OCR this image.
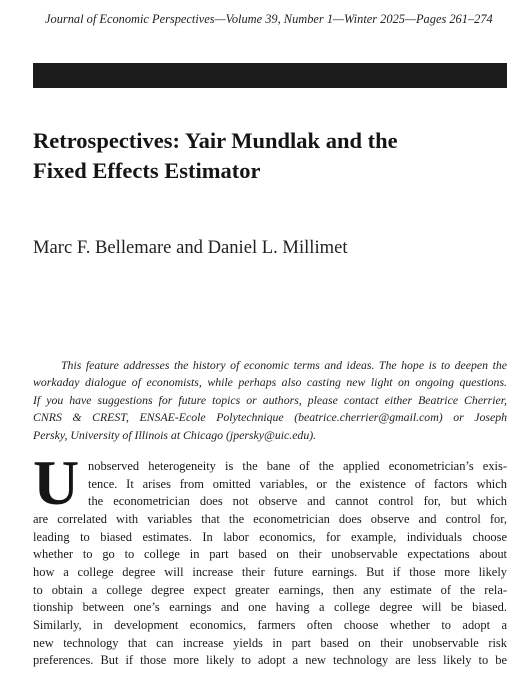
Journal of Economic Perspectives—Volume 39, Number 1—Winter 2025—Pages 261–274
Retrospectives: Yair Mundlak and the
Fixed Effects Estimator
Marc F. Bellemare and Daniel L. Millimet
This feature addresses the history of economic terms and ideas. The hope is to deepen the
workaday dialogue of economists, while perhaps also casting new light on ongoing questions.
If you have suggestions for future topics or authors, please contact either Beatrice Cherrier,
CNRS & CREST, ENSAE-Ecole Polytechnique (beatrice.cherrier@gmail.com) or Joseph
Persky, University of Illinois at Chicago (jpersky@uic.edu).
U nobserved heterogeneity is the bane of the applied econometrician’s exis-
tence. It arises from omitted variables, or the existence of factors which
the econometrician does not observe and cannot control for, but which
are correlated with variables that the econometrician does observe and control for,
leading to biased estimates. In labor economics, for example, individuals choose
whether to go to college in part based on their unobservable expectations about
how a college degree will increase their future earnings. But if those more likely
to obtain a college degree expect greater earnings, then any estimate of the rela-
tionship between one’s earnings and one having a college degree will be biased.
Similarly, in development economics, farmers often choose whether to adopt a
new technology that can increase yields in part based on their unobservable risk
preferences. But if those more likely to adopt a new technology are less likely to be
